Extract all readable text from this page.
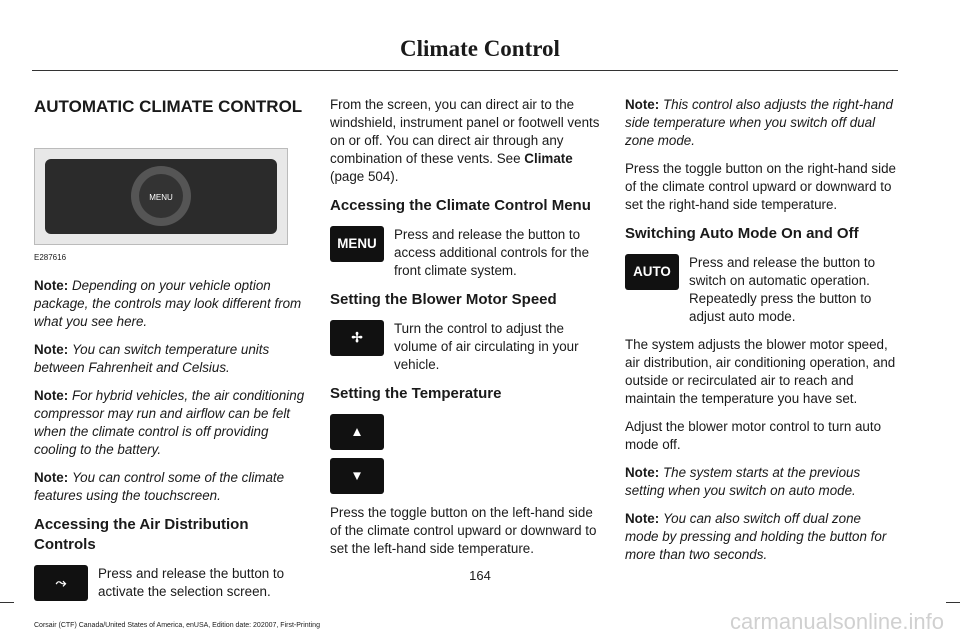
Climate Control
AUTOMATIC CLIMATE CONTROL
MENU
E287616

Note: Depending on your vehicle option package, the controls may look different from what you see here.

Note: You can switch temperature units between Fahrenheit and Celsius.

Note: For hybrid vehicles, the air conditioning compressor may run and airflow can be felt when the climate control is off providing cooling to the battery.

Note: You can control some of the climate features using the touchscreen.

Accessing the Air Distribution Controls
⤳
Press and release the button to activate the selection screen.

From the screen, you can direct air to the windshield, instrument panel or footwell vents on or off. You can direct air through any combination of these vents. See Climate (page 504).

Accessing the Climate Control Menu
MENU
Press and release the button to access additional controls for the front climate system.
Setting the Blower Motor Speed
✢
Turn the control to adjust the volume of air circulating in your vehicle.
Setting the Temperature
▲
▼

Press the toggle button on the left-hand side of the climate control upward or downward to set the left-hand side temperature.

Note: This control also adjusts the right-hand side temperature when you switch off dual zone mode.

Press the toggle button on the right-hand side of the climate control upward or downward to set the right-hand side temperature.

Switching Auto Mode On and Off
AUTO
Press and release the button to switch on automatic operation. Repeatedly press the button to adjust auto mode.

The system adjusts the blower motor speed, air distribution, air conditioning operation, and outside or recirculated air to reach and maintain the temperature you have set.

Adjust the blower motor control to turn auto mode off.

Note: The system starts at the previous setting when you switch on auto mode.

Note: You can also switch off dual zone mode by pressing and holding the button for more than two seconds.

164
Corsair (CTF) Canada/United States of America, enUSA, Edition date: 202007, First-Printing	carmanualsonline.info
